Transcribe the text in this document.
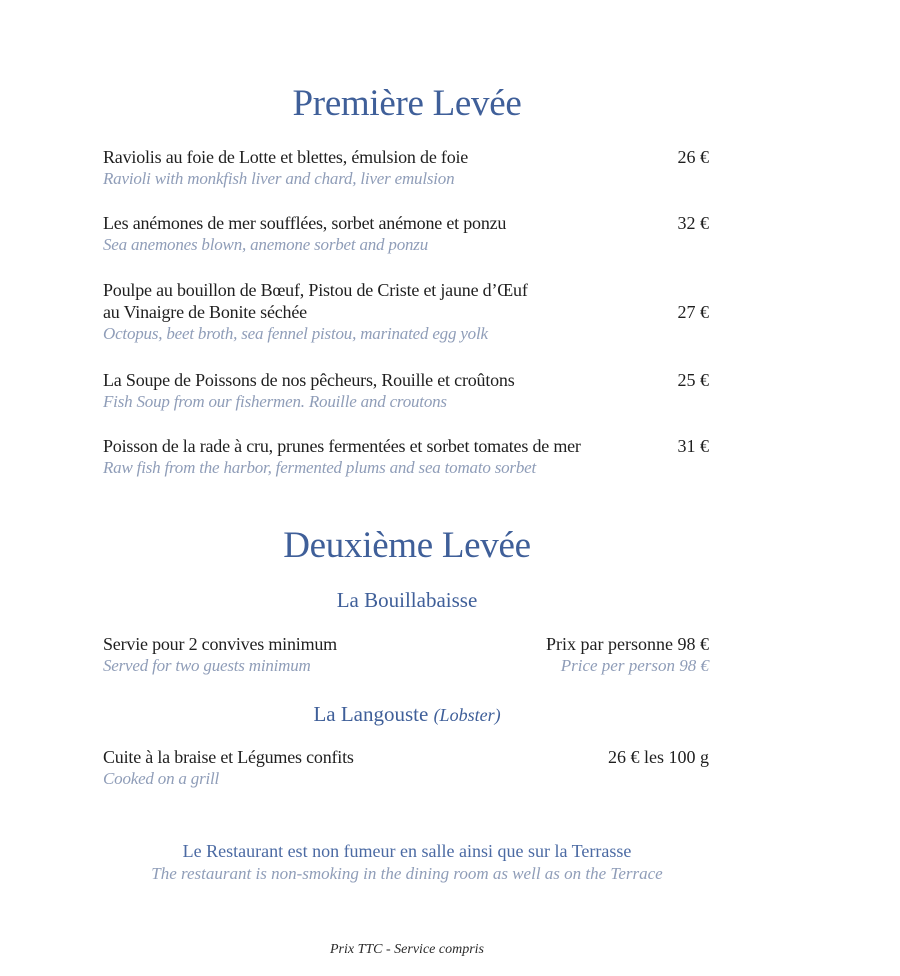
Première Levée
Raviolis au foie de Lotte et blettes, émulsion de foie
Ravioli with monkfish liver and chard, liver emulsion
26 €
Les anémones de mer soufflées, sorbet anémone et ponzu
Sea anemones blown, anemone sorbet and ponzu
32 €
Poulpe au bouillon de Bœuf, Pistou de Criste et jaune d’Œuf
au Vinaigre de Bonite séchée
Octopus, beet broth, sea fennel pistou, marinated egg yolk
27 €
La Soupe de Poissons de nos pêcheurs, Rouille et croûtons
Fish Soup from our fishermen. Rouille and croutons
25 €
Poisson de la rade à cru, prunes fermentées et sorbet tomates de mer
Raw fish from the harbor, fermented plums and sea tomato sorbet
31 €
Deuxième Levée
La Bouillabaisse
Servie pour 2 convives minimum
Served for two guests minimum
Prix par personne 98 €
Price per person 98 €
La Langouste (Lobster)
Cuite à la braise et Légumes confits
Cooked on a grill
26 € les 100 g
Le Restaurant est non fumeur en salle ainsi que sur la Terrasse
The restaurant is non-smoking in the dining room as well as on the Terrace
Prix TTC - Service compris
